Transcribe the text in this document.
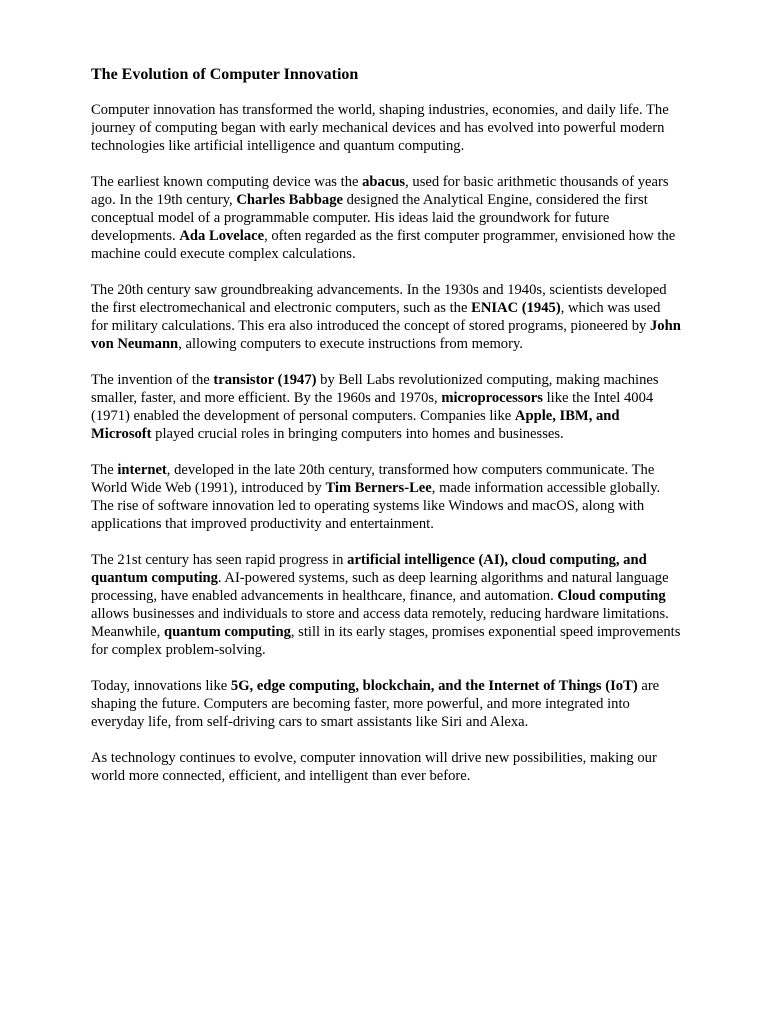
The Evolution of Computer Innovation

Computer innovation has transformed the world, shaping industries, economies, and daily life. The journey of computing began with early mechanical devices and has evolved into powerful modern technologies like artificial intelligence and quantum computing.

The earliest known computing device was the abacus, used for basic arithmetic thousands of years ago. In the 19th century, Charles Babbage designed the Analytical Engine, considered the first conceptual model of a programmable computer. His ideas laid the groundwork for future developments. Ada Lovelace, often regarded as the first computer programmer, envisioned how the machine could execute complex calculations.

The 20th century saw groundbreaking advancements. In the 1930s and 1940s, scientists developed the first electromechanical and electronic computers, such as the ENIAC (1945), which was used for military calculations. This era also introduced the concept of stored programs, pioneered by John von Neumann, allowing computers to execute instructions from memory.

The invention of the transistor (1947) by Bell Labs revolutionized computing, making machines smaller, faster, and more efficient. By the 1960s and 1970s, microprocessors like the Intel 4004 (1971) enabled the development of personal computers. Companies like Apple, IBM, and Microsoft played crucial roles in bringing computers into homes and businesses.

The internet, developed in the late 20th century, transformed how computers communicate. The World Wide Web (1991), introduced by Tim Berners-Lee, made information accessible globally. The rise of software innovation led to operating systems like Windows and macOS, along with applications that improved productivity and entertainment.

The 21st century has seen rapid progress in artificial intelligence (AI), cloud computing, and quantum computing. AI-powered systems, such as deep learning algorithms and natural language processing, have enabled advancements in healthcare, finance, and automation. Cloud computing allows businesses and individuals to store and access data remotely, reducing hardware limitations. Meanwhile, quantum computing, still in its early stages, promises exponential speed improvements for complex problem-solving.

Today, innovations like 5G, edge computing, blockchain, and the Internet of Things (IoT) are shaping the future. Computers are becoming faster, more powerful, and more integrated into everyday life, from self-driving cars to smart assistants like Siri and Alexa.

As technology continues to evolve, computer innovation will drive new possibilities, making our world more connected, efficient, and intelligent than ever before.
